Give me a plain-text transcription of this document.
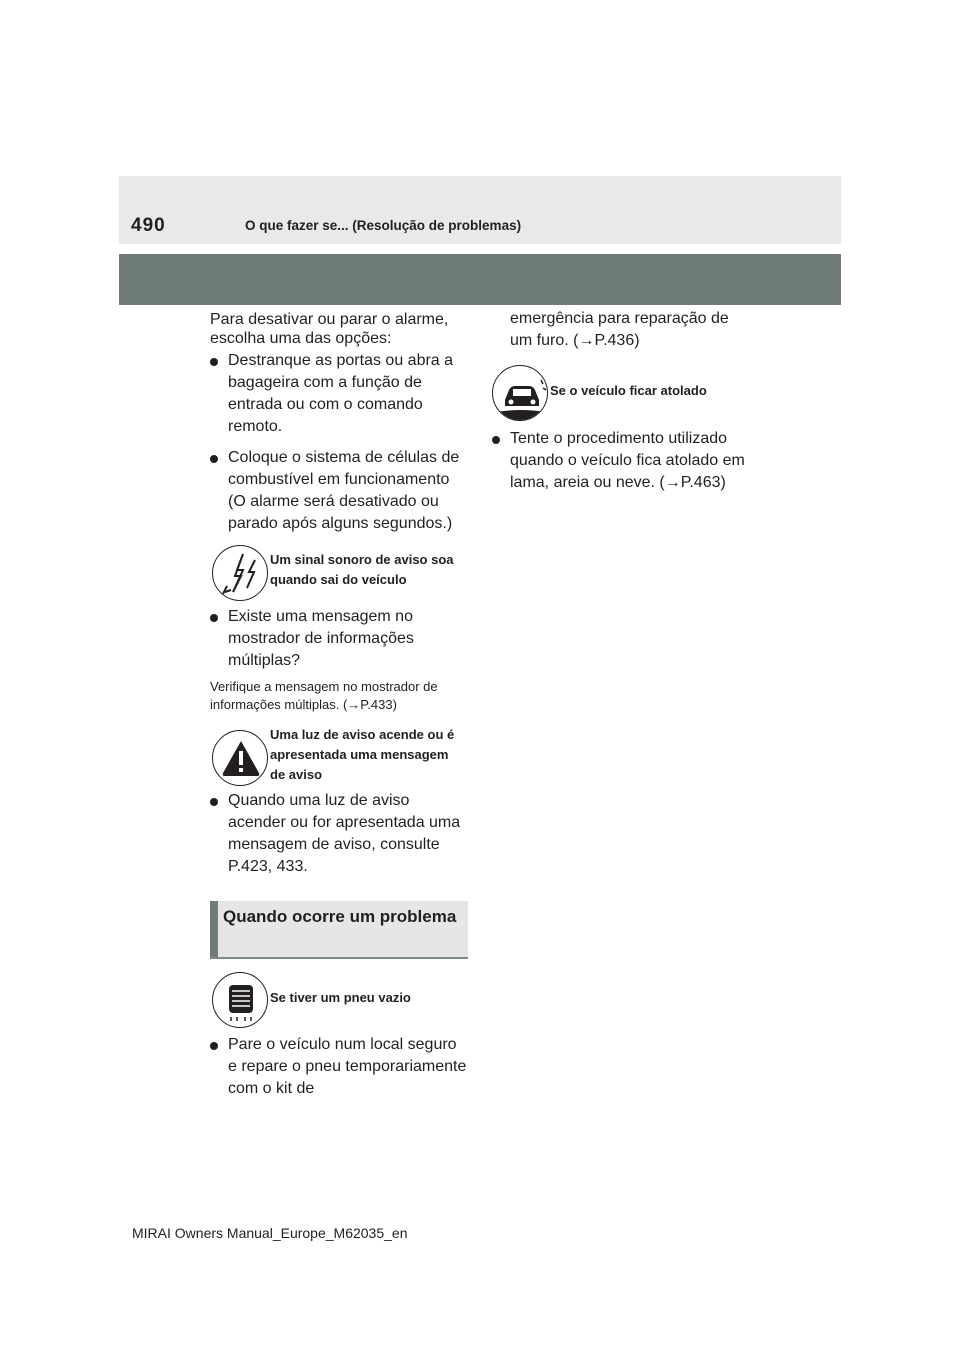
490	O que fazer se... (Resolução de problemas)

Para desativar ou parar o alarme, escolha uma das opções:

Destranque as portas ou abra a bagageira com a função de entrada ou com o comando remoto.
Coloque o sistema de células de combustível em funcionamento (O alarme será desativado ou parado após alguns segundos.)

Um sinal sonoro de aviso soa quando sai do veículo

Existe uma mensagem no mostrador de informações múltiplas?

Verifique a mensagem no mostrador de informações múltiplas. (→P.433)

Uma luz de aviso acende ou é apresentada uma mensagem de aviso

Quando uma luz de aviso acender ou for apresentada uma mensagem de aviso, consulte P.423, 433.
Quando ocorre um problema

Se tiver um pneu vazio

Pare o veículo num local seguro e repare o pneu temporariamente com o kit de

emergência para reparação de um furo. (→P.436)

Se o veículo ficar atolado

Tente o procedimento utilizado quando o veículo fica atolado em lama, areia ou neve. (→P.463)
MIRAI Owners Manual_Europe_M62035_en
